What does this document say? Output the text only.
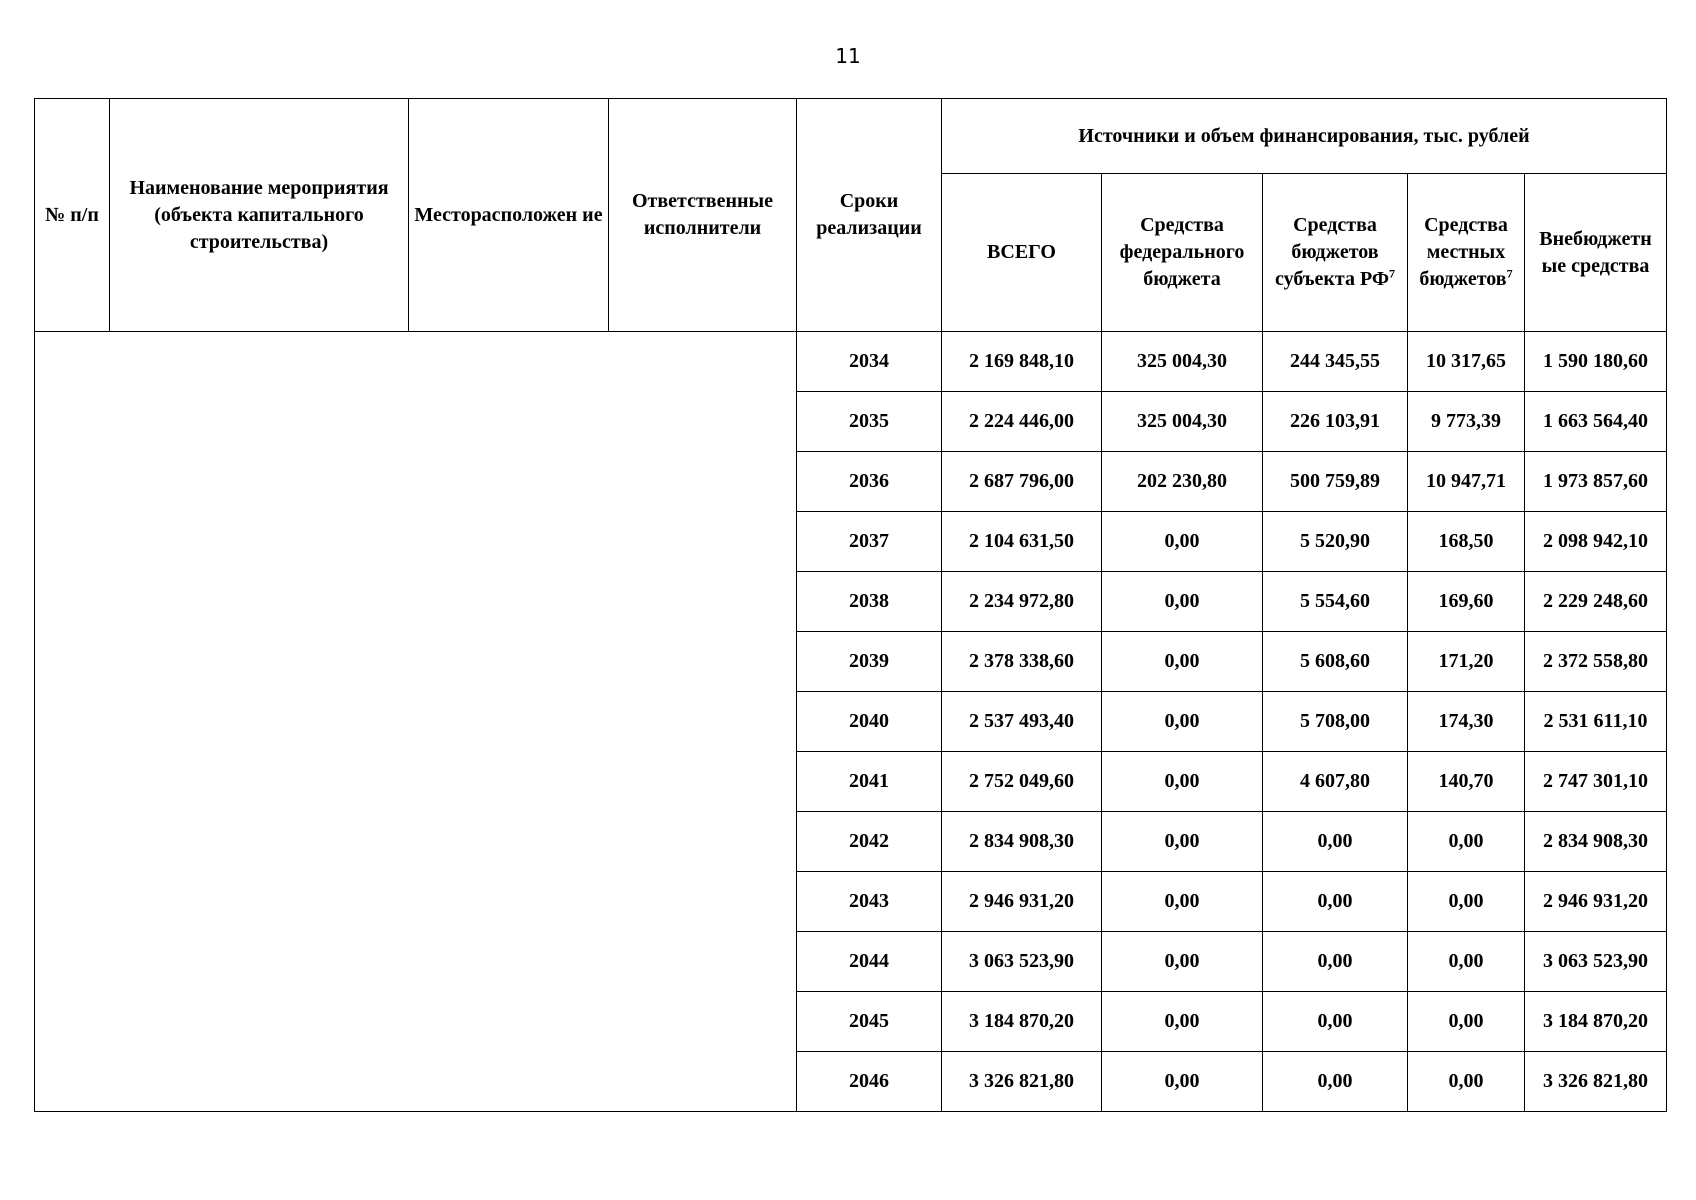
11
№ п/п	Наименование мероприятия (объекта капитального строительства)	Месторасположен ие	Ответственные исполнители	Сроки реализации	Источники и объем финансирования, тыс. рублей				
					ВСЕГО	Средства федерального бюджета	Средства бюджетов субъекта $РФ^7$	Средства местных бюджетов$^7$	Внебюджетн ые средства
				2034	2 169 848,10	325 004,30	244 345,55	10 317,65	1 590 180,60
				2035	2 224 446,00	325 004,30	226 103,91	9 773,39	1 663 564,40
				2036	2 687 796,00	202 230,80	500 759,89	10 947,71	1 973 857,60
				2037	2 104 631,50	0,00	5 520,90	168,50	2 098 942,10
				2038	2 234 972,80	0,00	5 554,60	169,60	2 229 248,60
				2039	2 378 338,60	0,00	5 608,60	171,20	2 372 558,80
				2040	2 537 493,40	0,00	5 708,00	174,30	2 531 611,10
				2041	2 752 049,60	0,00	4 607,80	140,70	2 747 301,10
				2042	2 834 908,30	0,00	0,00	0,00	2 834 908,30
				2043	2 946 931,20	0,00	0,00	0,00	2 946 931,20
				2044	3 063 523,90	0,00	0,00	0,00	3 063 523,90
				2045	3 184 870,20	0,00	0,00	0,00	3 184 870,20
				2046	3 326 821,80	0,00	0,00	0,00	3 326 821,80
